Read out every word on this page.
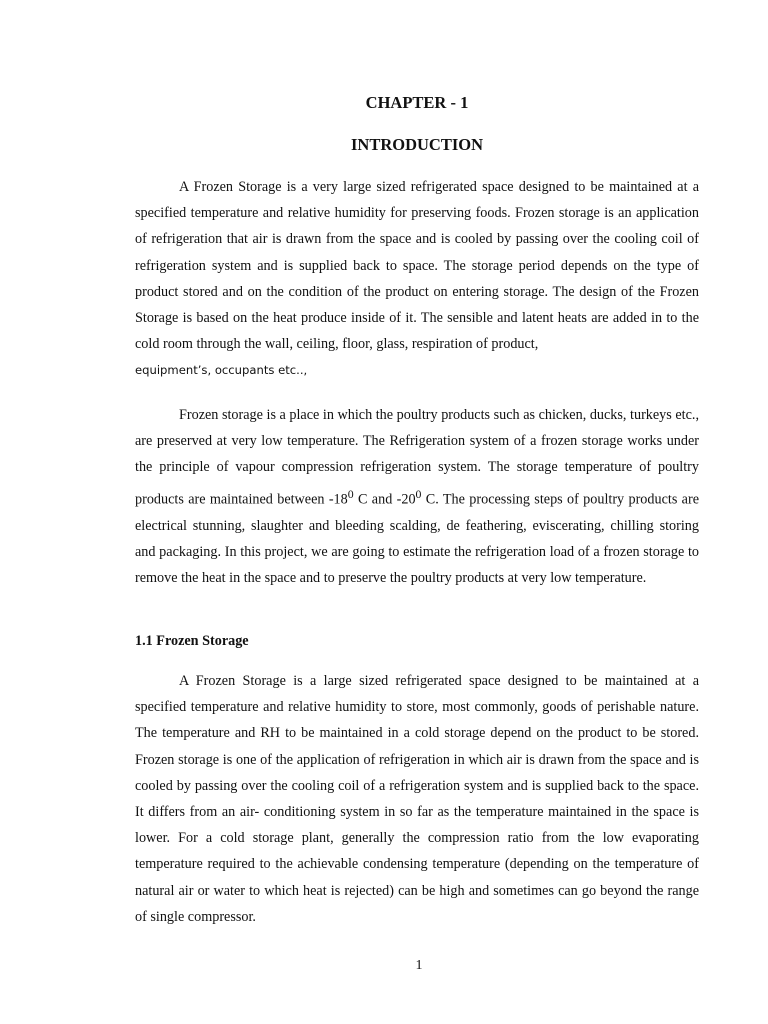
CHAPTER - 1
INTRODUCTION

A Frozen Storage is a very large sized refrigerated space designed to be maintained at a specified temperature and relative humidity for preserving foods. Frozen storage is an application of refrigeration that air is drawn from the space and is cooled by passing over the cooling coil of refrigeration system and is supplied back to space. The storage period depends on the type of product stored and on the condition of the product on entering storage. The design of the Frozen Storage is based on the heat produce inside of it. The sensible and latent heats are added in to the cold room through the wall, ceiling, floor, glass, respiration of product,
equipment’s, occupants etc..,

Frozen storage is a place in which the poultry products such as chicken, ducks, turkeys etc., are preserved at very low temperature. The Refrigeration system of a frozen storage works under the principle of vapour compression refrigeration system. The storage temperature of poultry products are maintained between $-18^0$ C and $-20^0$ C. The processing steps of poultry products are electrical stunning, slaughter and bleeding scalding, de feathering, eviscerating, chilling storing and packaging. In this project, we are going to estimate the refrigeration load of a frozen storage to remove the heat in the space and to preserve the poultry products at very low temperature.

1.1 Frozen Storage

A Frozen Storage is a large sized refrigerated space designed to be maintained at a specified temperature and relative humidity to store, most commonly, goods of perishable nature. The temperature and RH to be maintained in a cold storage depend on the product to be stored. Frozen storage is one of the application of refrigeration in which air is drawn from the space and is cooled by passing over the cooling coil of a refrigeration system and is supplied back to the space. It differs from an air- conditioning system in so far as the temperature maintained in the space is lower. For a cold storage plant, generally the compression ratio from the low evaporating temperature required to the achievable condensing temperature (depending on the temperature of natural air or water to which heat is rejected) can be high and sometimes can go beyond the range of single compressor.

1
